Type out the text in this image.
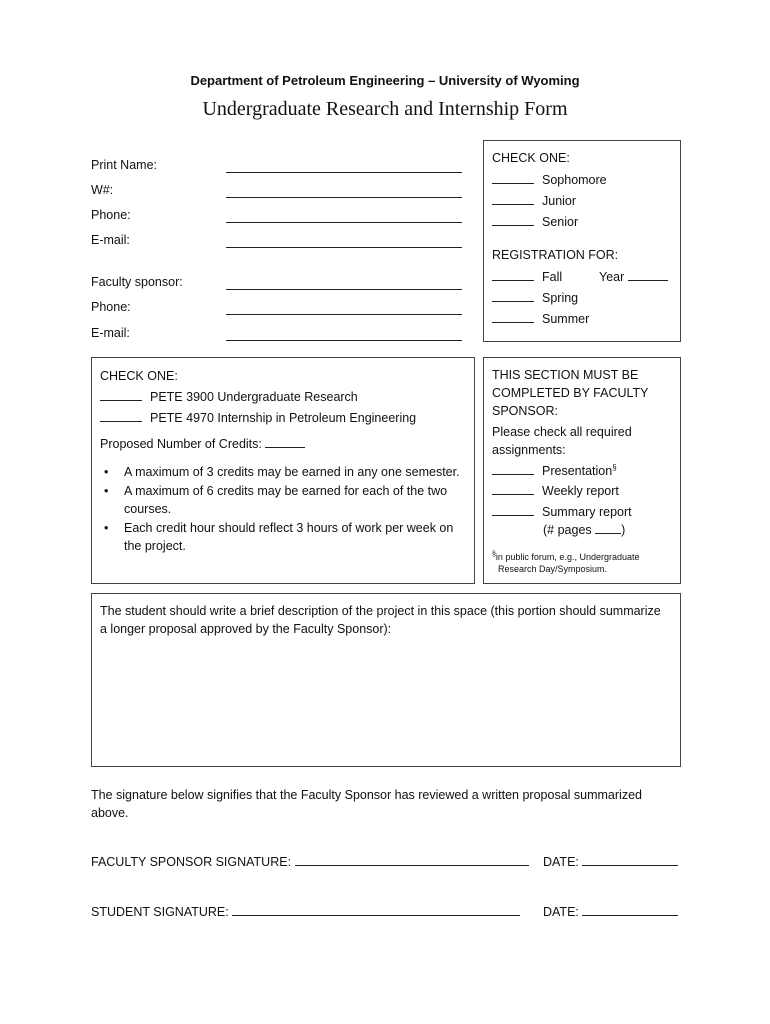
Department of Petroleum Engineering – University of Wyoming
Undergraduate Research and Internship Form
Print Name:
W#:
Phone:
E-mail:
Faculty sponsor:
Phone:
E-mail:
CHECK ONE:
Sophomore
Junior
Senior
REGISTRATION FOR:
Fall	Year
Spring
Summer
CHECK ONE:
PETE 3900 Undergraduate Research
PETE 4970 Internship in Petroleum Engineering
Proposed Number of Credits:
• A maximum of 3 credits may be earned in any one semester.
• A maximum of 6 credits may be earned for each of the two courses.
• Each credit hour should reflect 3 hours of work per week on the project.
THIS SECTION MUST BE
COMPLETED BY FACULTY
SPONSOR:
Please check all required
assignments:
Presentation§
Weekly report
Summary report
(# pages )
§in public forum, e.g., Undergraduate
Research Day/Symposium.
The student should write a brief description of the project in this space (this portion should summarize a longer proposal approved by the Faculty Sponsor):
The signature below signifies that the Faculty Sponsor has reviewed a written proposal summarized above.
FACULTY SPONSOR SIGNATURE:	DATE:
STUDENT SIGNATURE:	DATE:
